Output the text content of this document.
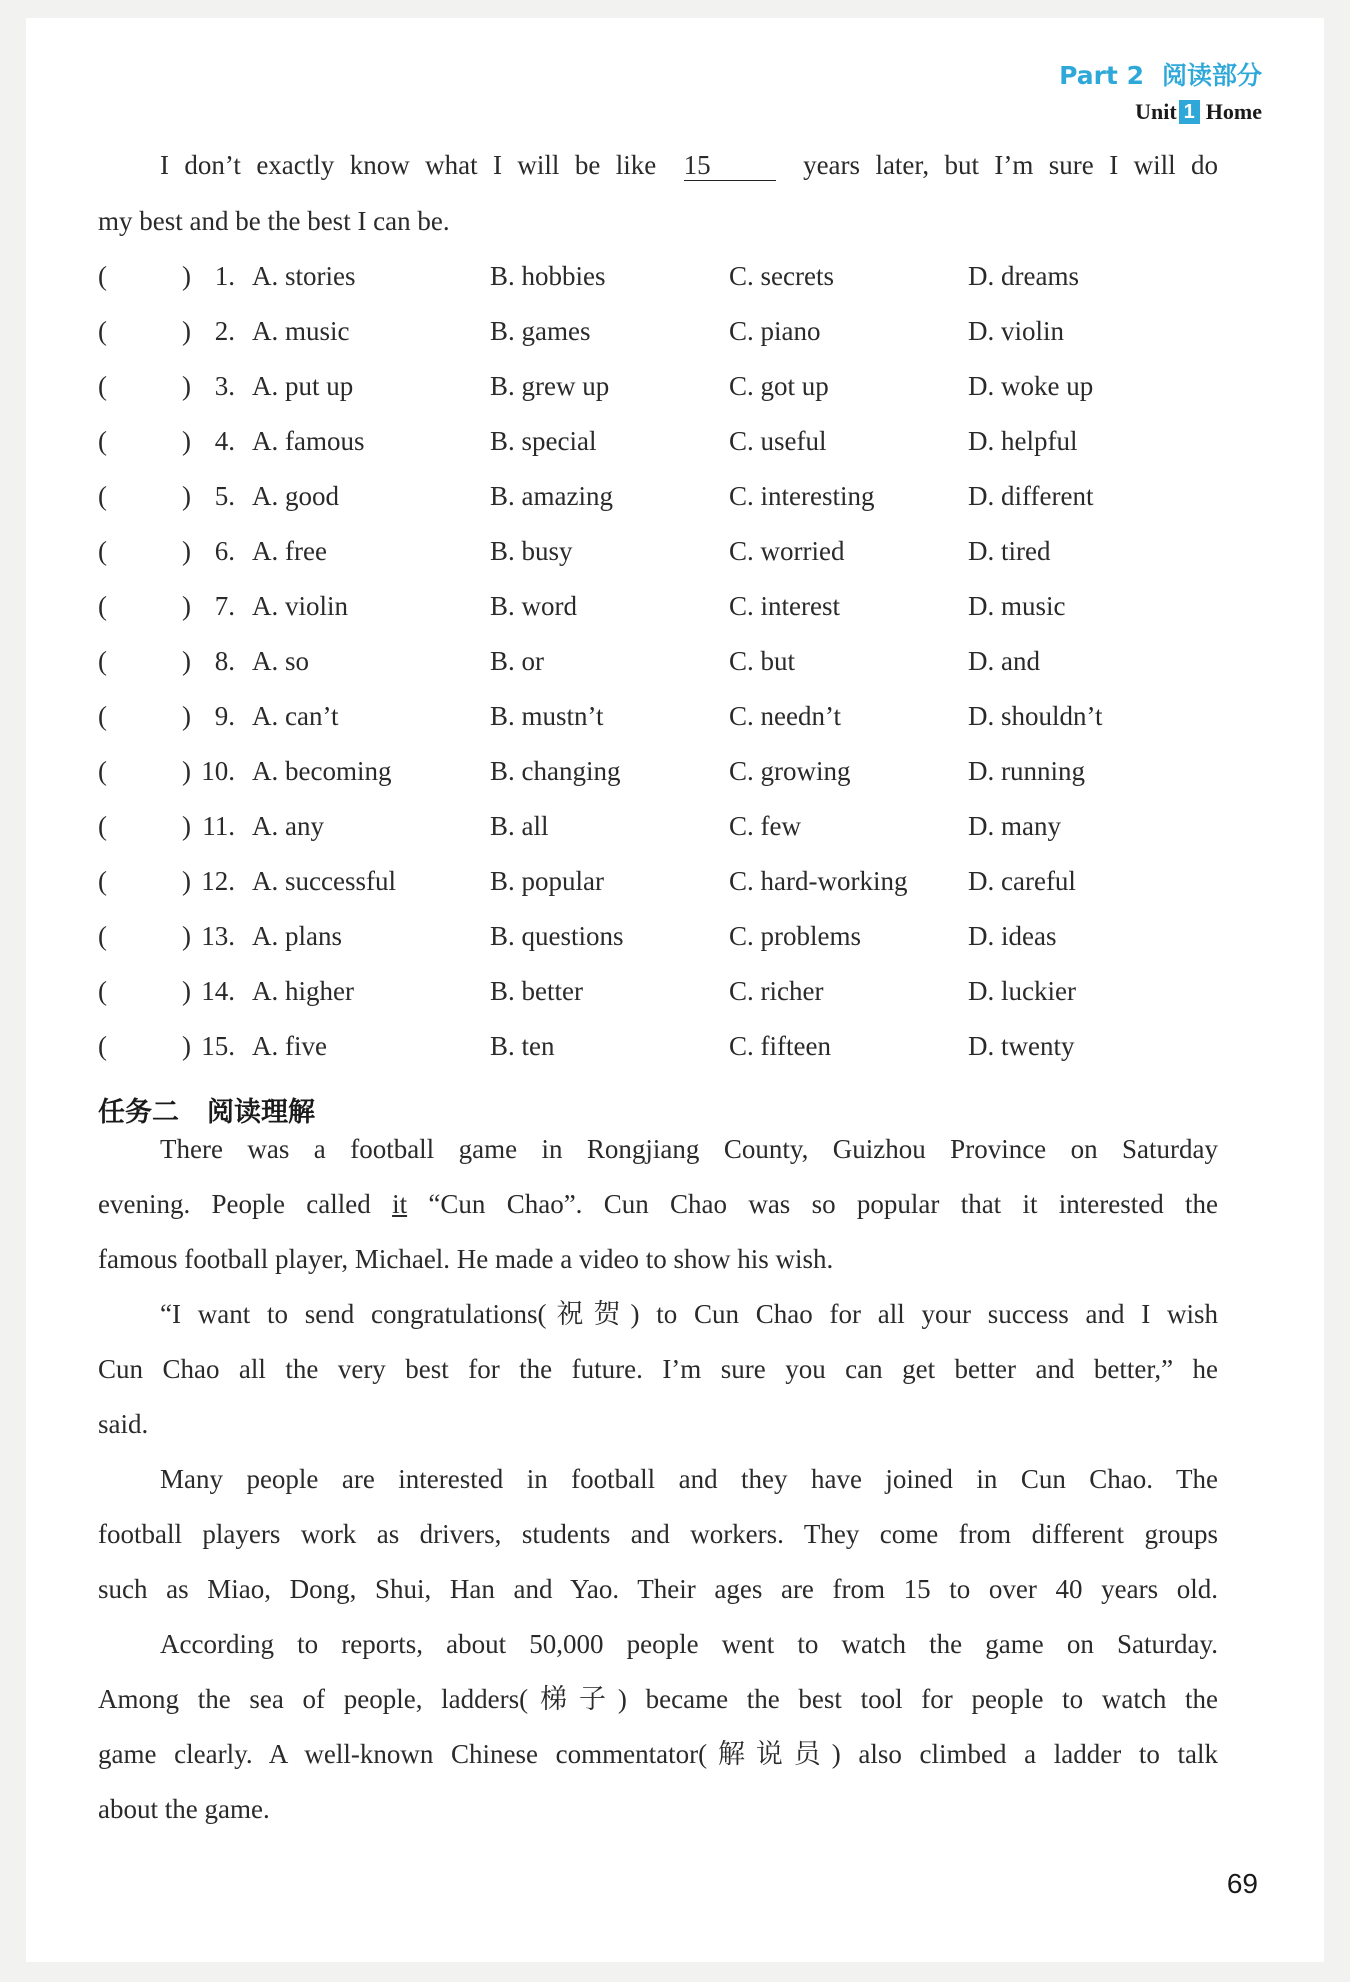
Part 2 阅读部分
Unit 1 Home
I don’t exactly know what I will be like 15	years later, but I’m sure I will do
my best and be the best I can be.
(	) 1. A. stories	B. hobbies	C. secrets	D. dreams
(	) 2. A. music	B. games	C. piano	D. violin
(	) 3. A. put up	B. grew up	C. got up	D. woke up
(	) 4. A. famous	B. special	C. useful	D. helpful
(	) 5. A. good	B. amazing	C. interesting	D. different
(	) 6. A. free	B. busy	C. worried	D. tired
(	) 7. A. violin	B. word	C. interest	D. music
(	) 8. A. so	B. or	C. but	D. and
(	) 9. A. can’t	B. mustn’t	C. needn’t	D. shouldn’t
(	) 10. A. becoming	B. changing	C. growing	D. running
(	) 11. A. any	B. all	C. few	D. many
(	) 12. A. successful	B. popular	C. hard-working D. careful
(	) 13. A. plans	B. questions	C. problems	D. ideas
(	) 14. A. higher	B. better	C. richer	D. luckier
(	) 15. A. five	B. ten	C. fifteen	D. twenty
任务二 阅读理解
There was a football game in Rongjiang County, Guizhou Province on Saturday
evening. People called it “Cun Chao”. Cun Chao was so popular that it interested the
famous football player, Michael. He made a video to show his wish.
“I want to send congratulations(祝贺) to Cun Chao for all your success and I wish
Cun Chao all the very best for the future. I’m sure you can get better and better,” he
said.
Many people are interested in football and they have joined in Cun Chao. The
football players work as drivers, students and workers. They come from different groups
such as Miao, Dong, Shui, Han and Yao. Their ages are from 15 to over 40 years old.
According to reports, about 50,000 people went to watch the game on Saturday.
Among the sea of people, ladders(梯子) became the best tool for people to watch the
game clearly. A well-known Chinese commentator(解说员) also climbed a ladder to talk
about the game.
69
